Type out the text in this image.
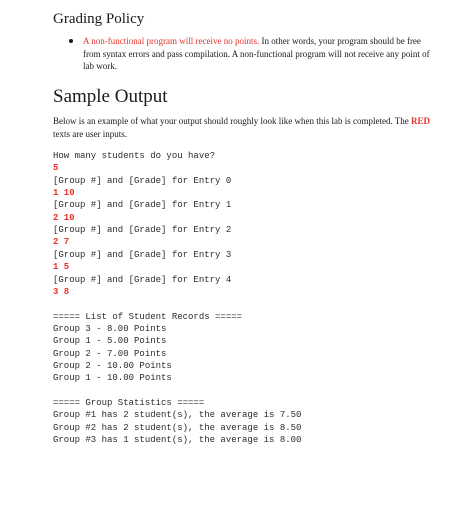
Grading Policy
A non-functional program will receive no points. In other words, your program should be free from syntax errors and pass compilation. A non-functional program will not receive any point of lab work.
Sample Output

Below is an example of what your output should roughly look like when this lab is completed. The RED texts are user inputs.

How many students do you have?
5
[Group #] and [Grade] for Entry 0
1 10
[Group #] and [Grade] for Entry 1
2 10
[Group #] and [Grade] for Entry 2
2 7
[Group #] and [Grade] for Entry 3
1 5
[Group #] and [Grade] for Entry 4
3 8
===== List of Student Records =====
Group 3 - 8.00 Points
Group 1 - 5.00 Points
Group 2 - 7.00 Points
Group 2 - 10.00 Points
Group 1 - 10.00 Points
===== Group Statistics =====
Group #1 has 2 student(s), the average is 7.50
Group #2 has 2 student(s), the average is 8.50
Group #3 has 1 student(s), the average is 8.00
